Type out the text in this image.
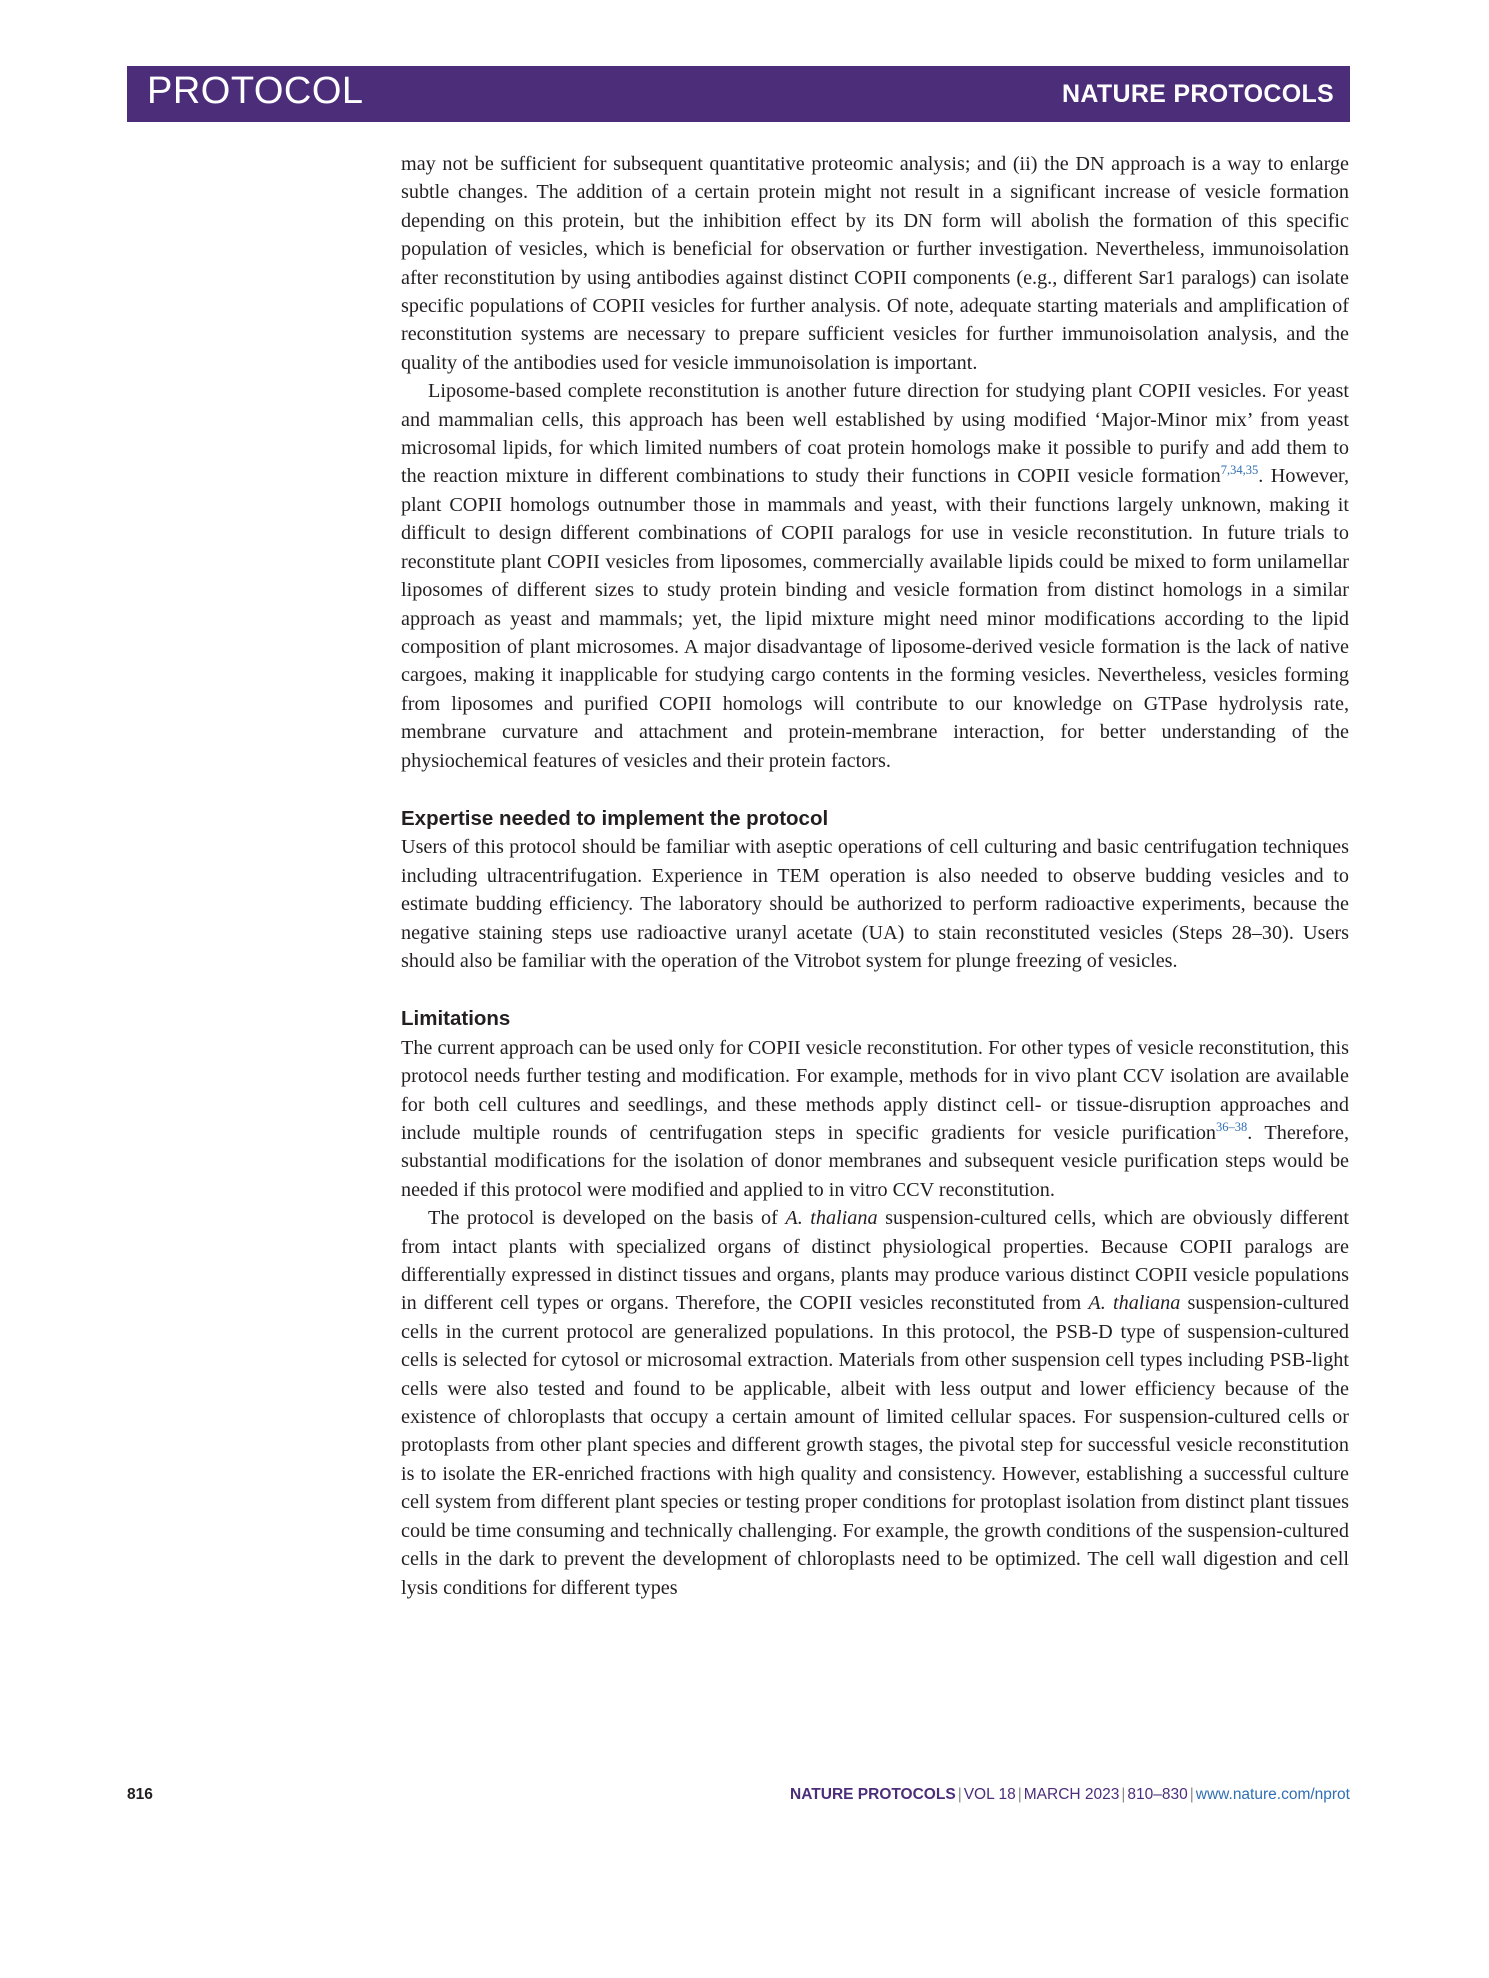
PROTOCOL	NATURE PROTOCOLS

may not be sufficient for subsequent quantitative proteomic analysis; and (ii) the DN approach is a way to enlarge subtle changes. The addition of a certain protein might not result in a significant increase of vesicle formation depending on this protein, but the inhibition effect by its DN form will abolish the formation of this specific population of vesicles, which is beneficial for observation or further investigation. Nevertheless, immunoisolation after reconstitution by using antibodies against distinct COPII components (e.g., different Sar1 paralogs) can isolate specific populations of COPII vesicles for further analysis. Of note, adequate starting materials and amplification of reconstitution systems are necessary to prepare sufficient vesicles for further immunoisolation analysis, and the quality of the antibodies used for vesicle immunoisolation is important.

Liposome-based complete reconstitution is another future direction for studying plant COPII vesicles. For yeast and mammalian cells, this approach has been well established by using modified ‘Major-Minor mix’ from yeast microsomal lipids, for which limited numbers of coat protein homologs make it possible to purify and add them to the reaction mixture in different combinations to study their functions in COPII vesicle formation$^{7,34,35}$. However, plant COPII homologs outnumber those in mammals and yeast, with their functions largely unknown, making it difficult to design different combinations of COPII paralogs for use in vesicle reconstitution. In future trials to reconstitute plant COPII vesicles from liposomes, commercially available lipids could be mixed to form unilamellar liposomes of different sizes to study protein binding and vesicle formation from distinct homologs in a similar approach as yeast and mammals; yet, the lipid mixture might need minor modifications according to the lipid composition of plant microsomes. A major disadvantage of liposome-derived vesicle formation is the lack of native cargoes, making it inapplicable for studying cargo contents in the forming vesicles. Nevertheless, vesicles forming from liposomes and purified COPII homologs will contribute to our knowledge on GTPase hydrolysis rate, membrane curvature and attachment and protein-membrane interaction, for better understanding of the physiochemical features of vesicles and their protein factors.

Expertise needed to implement the protocol

Users of this protocol should be familiar with aseptic operations of cell culturing and basic centrifugation techniques including ultracentrifugation. Experience in TEM operation is also needed to observe budding vesicles and to estimate budding efficiency. The laboratory should be authorized to perform radioactive experiments, because the negative staining steps use radioactive uranyl acetate (UA) to stain reconstituted vesicles (Steps 28–30). Users should also be familiar with the operation of the Vitrobot system for plunge freezing of vesicles.

Limitations

The current approach can be used only for COPII vesicle reconstitution. For other types of vesicle reconstitution, this protocol needs further testing and modification. For example, methods for in vivo plant CCV isolation are available for both cell cultures and seedlings, and these methods apply distinct cell- or tissue-disruption approaches and include multiple rounds of centrifugation steps in specific gradients for vesicle purification$^{36-38}$. Therefore, substantial modifications for the isolation of donor membranes and subsequent vesicle purification steps would be needed if this protocol were modified and applied to in vitro CCV reconstitution.

The protocol is developed on the basis of A. thaliana suspension-cultured cells, which are obviously different from intact plants with specialized organs of distinct physiological properties. Because COPII paralogs are differentially expressed in distinct tissues and organs, plants may produce various distinct COPII vesicle populations in different cell types or organs. Therefore, the COPII vesicles reconstituted from A. thaliana suspension-cultured cells in the current protocol are generalized populations. In this protocol, the PSB-D type of suspension-cultured cells is selected for cytosol or microsomal extraction. Materials from other suspension cell types including PSB-light cells were also tested and found to be applicable, albeit with less output and lower efficiency because of the existence of chloroplasts that occupy a certain amount of limited cellular spaces. For suspension-cultured cells or protoplasts from other plant species and different growth stages, the pivotal step for successful vesicle reconstitution is to isolate the ER-enriched fractions with high quality and consistency. However, establishing a successful culture cell system from different plant species or testing proper conditions for protoplast isolation from distinct plant tissues could be time consuming and technically challenging. For example, the growth conditions of the suspension-cultured cells in the dark to prevent the development of chloroplasts need to be optimized. The cell wall digestion and cell lysis conditions for different types

816	NATURE PROTOCOLS | VOL 18 | MARCH 2023 | 810–830 | www.nature.com/nprot
